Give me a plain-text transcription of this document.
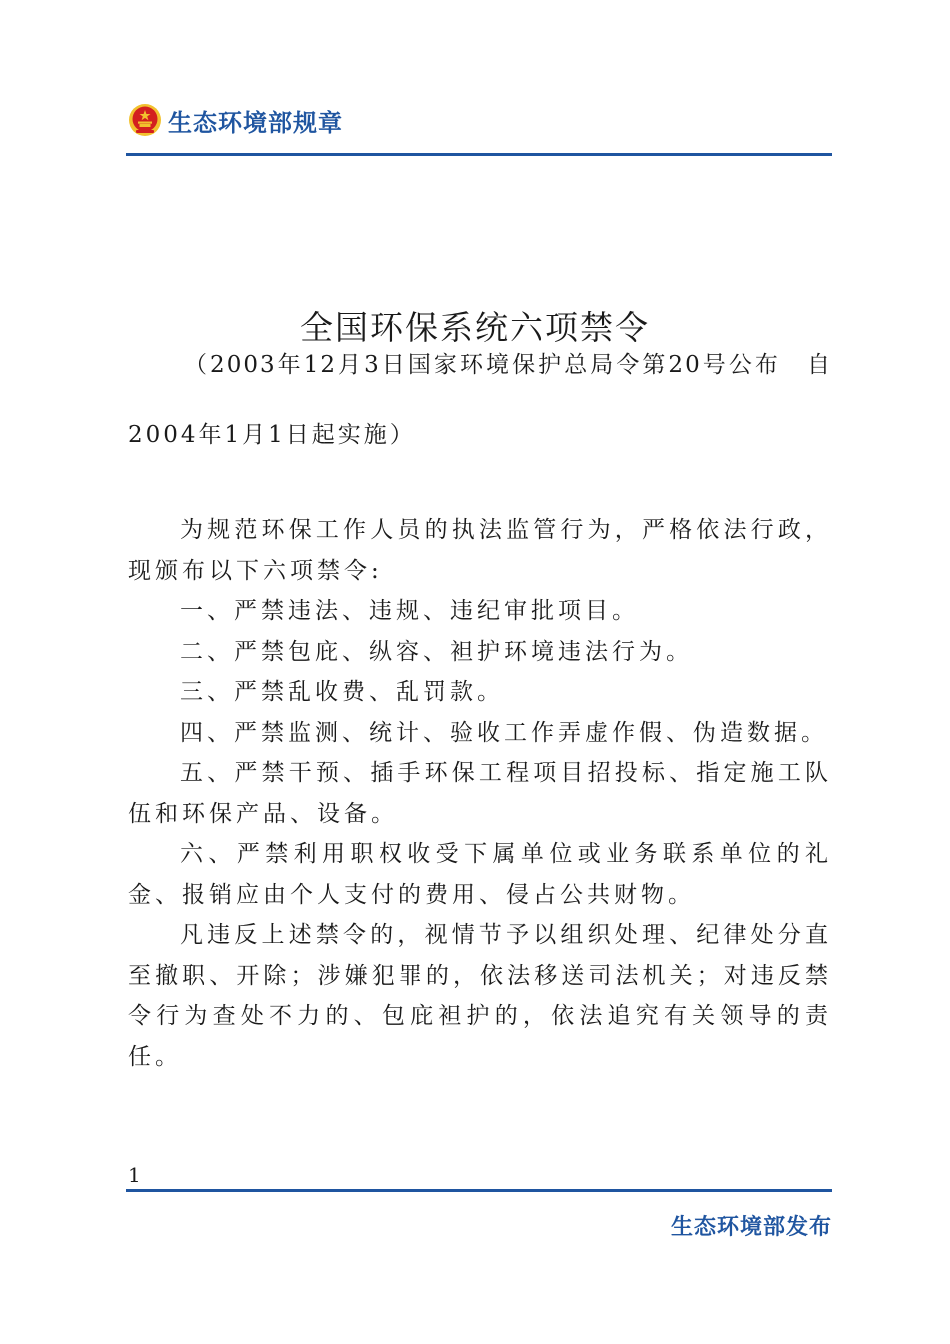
生态环境部规章
全国环保系统六项禁令
（2003年12月3日国家环境保护总局令第20号公布　自
2004年1月1日起实施）

为规范环保工作人员的执法监管行为，严格依法行政，现颁布以下六项禁令:

一、严禁违法、违规、违纪审批项目。

二、严禁包庇、纵容、袒护环境违法行为。

三、严禁乱收费、乱罚款。

四、严禁监测、统计、验收工作弄虚作假、伪造数据。

五、严禁干预、插手环保工程项目招投标、指定施工队伍和环保产品、设备。

六、严禁利用职权收受下属单位或业务联系单位的礼金、报销应由个人支付的费用、侵占公共财物。

凡违反上述禁令的，视情节予以组织处理、纪律处分直至撤职、开除；涉嫌犯罪的，依法移送司法机关；对违反禁令行为查处不力的、包庇袒护的，依法追究有关领导的责任。

1
生态环境部发布
